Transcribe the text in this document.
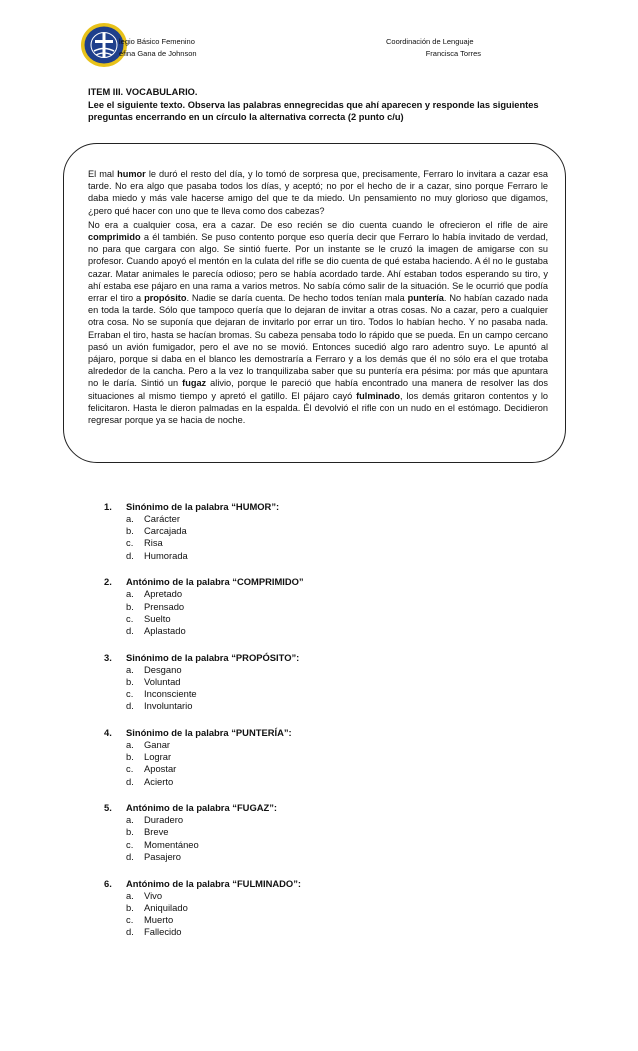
legio Básico Femenino
efina Gana de Johnson
Coordinación de Lenguaje
Francisca Torres
ITEM III. VOCABULARIO.
Lee el siguiente texto. Observa las palabras ennegrecidas que ahí aparecen y responde las siguientes preguntas encerrando en un círculo la alternativa correcta (2 punto c/u)

El mal humor le duró el resto del día, y lo tomó de sorpresa que, precisamente, Ferraro lo invitara a cazar esa tarde. No era algo que pasaba todos los días, y aceptó; no por el hecho de ir a cazar, sino porque Ferraro le daba miedo y más vale hacerse amigo del que te da miedo. Un pensamiento no muy glorioso que digamos, ¿pero qué hacer con uno que te lleva como dos cabezas?

No era a cualquier cosa, era a cazar. De eso recién se dio cuenta cuando le ofrecieron el rifle de aire comprimido a él también. Se puso contento porque eso quería decir que Ferraro lo había invitado de verdad, no para que cargara con algo. Se sintió fuerte. Por un instante se le cruzó la imagen de amigarse con su profesor. Cuando apoyó el mentón en la culata del rifle se dio cuenta de qué estaba haciendo. A él no le gustaba cazar. Matar animales le parecía odioso; pero se había acordado tarde. Ahí estaban todos esperando su tiro, y ahí estaba ese pájaro en una rama a varios metros. No sabía cómo salir de la situación. Se le ocurrió que podía errar el tiro a propósito. Nadie se daría cuenta. De hecho todos tenían mala puntería. No habían cazado nada en toda la tarde. Sólo que tampoco quería que lo dejaran de invitar a otras cosas. No a cazar, pero a cualquier otra cosa. No se suponía que dejaran de invitarlo por errar un tiro. Todos lo habían hecho. Y no pasaba nada. Erraban el tiro, hasta se hacían bromas. Su cabeza pensaba todo lo rápido que se pueda. En un campo cercano pasó un avión fumigador, pero el ave no se movió. Entonces sucedió algo raro adentro suyo. Le apuntó al pájaro, porque si daba en el blanco les demostraría a Ferraro y a los demás que él no sólo era el que trotaba alrededor de la cancha. Pero a la vez lo tranquilizaba saber que su puntería era pésima: por más que apuntara no le daría. Sintió un fugaz alivio, porque le pareció que había encontrado una manera de resolver las dos situaciones al mismo tiempo y apretó el gatillo. El pájaro cayó fulminado, los demás gritaron contentos y lo felicitaron. Hasta le dieron palmadas en la espalda. Él devolvió el rifle con un nudo en el estómago. Decidieron regresar porque ya se hacia de noche.

1.	Sinónimo de la palabra “HUMOR”:
a.	Carácter
b.	Carcajada
c.	Risa
d.	Humorada
2.	Antónimo de la palabra “COMPRIMIDO”
a.	Apretado
b.	Prensado
c.	Suelto
d.	Aplastado
3.	Sinónimo de la palabra “PROPÓSITO”:
a.	Desgano
b.	Voluntad
c.	Inconsciente
d.	Involuntario
4.	Sinónimo de la palabra “PUNTERÍA”:
a.	Ganar
b.	Lograr
c.	Apostar
d.	Acierto
5.	Antónimo de la palabra “FUGAZ”:
a.	Duradero
b.	Breve
c.	Momentáneo
d.	Pasajero
6.	Antónimo de la palabra “FULMINADO”:
a.	Vivo
b.	Aniquilado
c.	Muerto
d.	Fallecido
